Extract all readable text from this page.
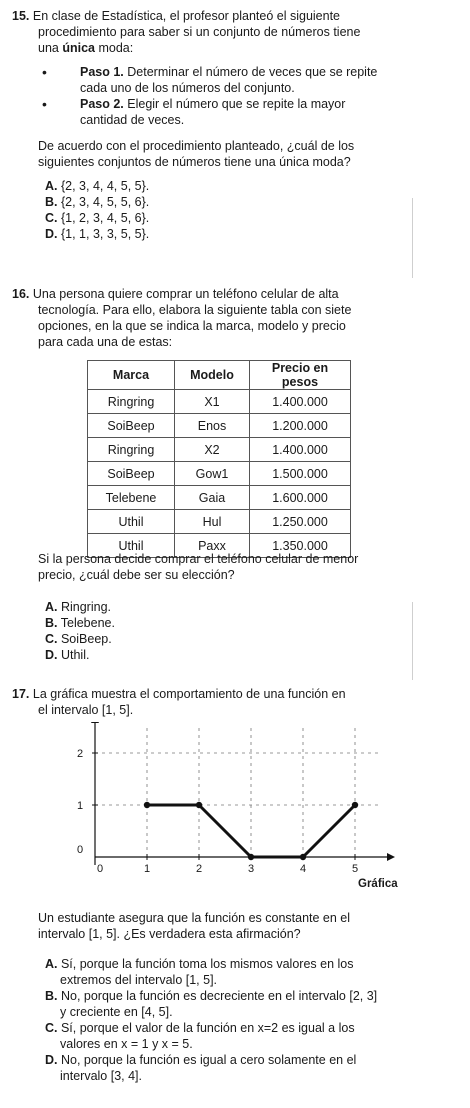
15. En clase de Estadística, el profesor planteó el siguiente
procedimiento para saber si un conjunto de números tiene
una única moda:
•	Paso 1. Determinar el número de veces que se repite
cada uno de los números del conjunto.
•	Paso 2. Elegir el número que se repite la mayor
cantidad de veces.
De acuerdo con el procedimiento planteado, ¿cuál de los
siguientes conjuntos de números tiene una única moda?
A. {2, 3, 4, 4, 5, 5}.
B. {2, 3, 4, 5, 5, 6}.
C. {1, 2, 3, 4, 5, 6}.
D. {1, 1, 3, 3, 5, 5}.
16. Una persona quiere comprar un teléfono celular de alta
tecnología. Para ello, elabora la siguiente tabla con siete
opciones, en la que se indica la marca, modelo y precio
para cada una de estas:
Marca	Modelo	Precio en pesos
Ringring	X1	1.400.000
SoiBeep	Enos	1.200.000
Ringring	X2	1.400.000
SoiBeep	Gow1	1.500.000
Telebene	Gaia	1.600.000
Uthil	Hul	1.250.000
Uthil	Paxx	1.350.000
Si la persona decide comprar el teléfono celular de menor
precio, ¿cuál debe ser su elección?
A. Ringring.
B. Telebene.
C. SoiBeep.
D. Uthil.
17. La gráfica muestra el comportamiento de una función en
el intervalo [1, 5].
0	1	2	3	4	5
0
1
2
Gráfica
Un estudiante asegura que la función es constante en el
intervalo [1, 5]. ¿Es verdadera esta afirmación?
A. Sí, porque la función toma los mismos valores en los
extremos del intervalo [1, 5].
B. No, porque la función es decreciente en el intervalo [2, 3]
y creciente en [4, 5].
C. Sí, porque el valor de la función en x=2 es igual a los
valores en x = 1 y x = 5.
D. No, porque la función es igual a cero solamente en el
intervalo [3, 4].
